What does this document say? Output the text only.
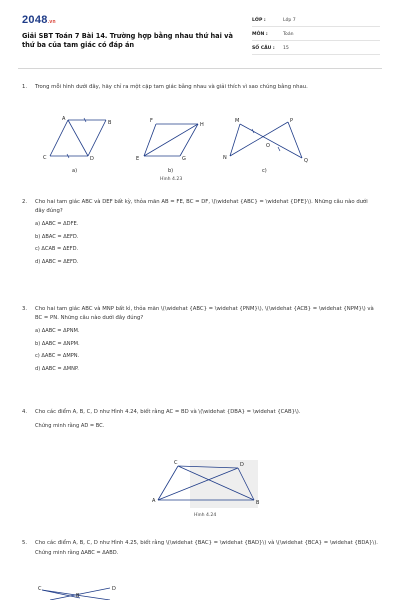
2048.vn
Giải SBT Toán 7 Bài 14. Trường hợp bằng nhau thứ hai và thứ ba của tam giác có đáp án
LỚP :	Lớp 7
MÔN :	Toán
SỐ CÂU : 15
1. Trong mỗi hình dưới đây, hãy chỉ ra một cặp tam giác bằng nhau và giải thích vì sao chúng bằng nhau.
A
B
C	D
a)
F
H
E	G
b)
Hình 4.23
M	P
O
N	Q
c)
2. Cho hai tam giác ABC và DEF bất kỳ, thỏa mãn AB = FE, BC = DF, \(\widehat {ABC} = \widehat {DFE}\). Những câu nào dưới đây đúng?
a) ΔABC = ΔDFE.
b) ΔBAC = ΔEFD.
c) ΔCAB = ΔEFD.
d) ΔABC = ΔEFD.
3. Cho hai tam giác ABC và MNP bất kì, thỏa mãn \(\widehat {ABC} = \widehat {PNM}\), \(\widehat {ACB} = \widehat {NPM}\) và BC = PN. Những câu nào dưới đây đúng?
a) ΔABC = ΔPNM.
b) ΔABC = ΔNPM.
c) ΔABC = ΔMPN.
d) ΔABC = ΔMNP.
4. Cho các điểm A, B, C, D như Hình 4.24, biết rằng AC = BD và \(\widehat {DBA} = \widehat {CAB}\).
Chứng minh rằng AD = BC.
C	D
A	B
Hình 4.24
5. Cho các điểm A, B, C, D như Hình 4.25, biết rằng \(\widehat {BAC} = \widehat {BAD}\) và \(\widehat {BCA} = \widehat {BDA}\).
Chứng minh rằng ΔABC = ΔABD.
C
B
D
